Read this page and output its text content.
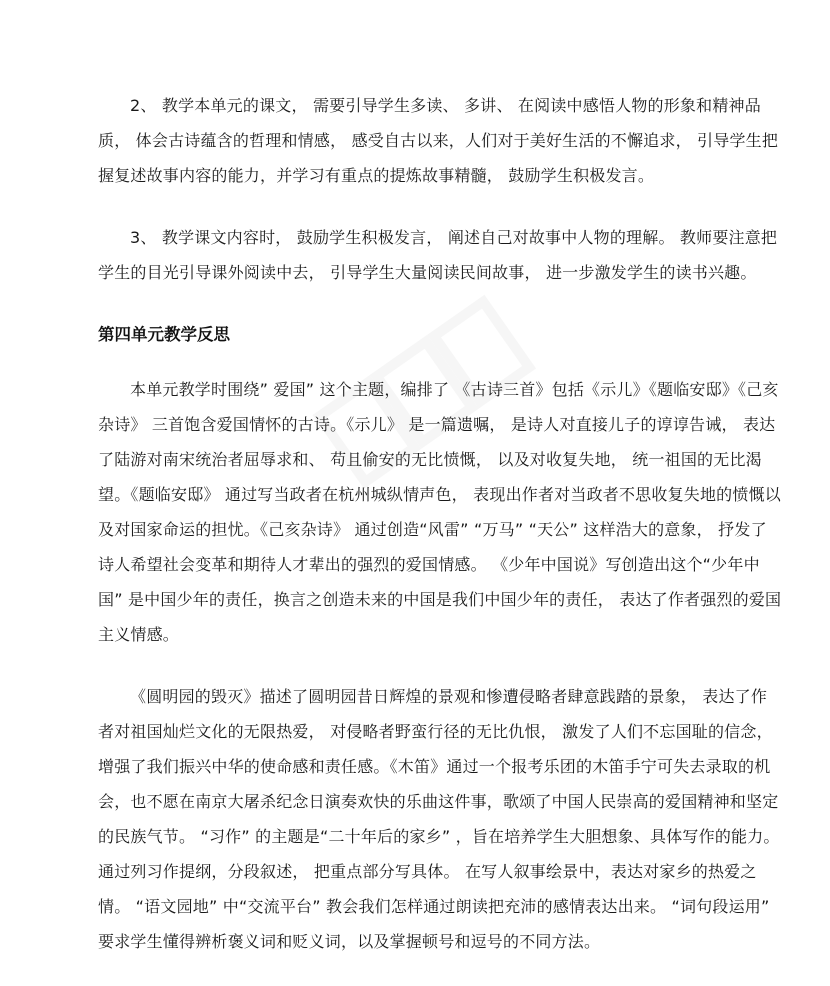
2、 教学本单元的课文， 需要引导学生多读、 多讲、 在阅读中感悟人物的形象和精神品质， 体会古诗蕴含的哲理和情感， 感受自古以来，人们对于美好生活的不懈追求， 引导学生把握复述故事内容的能力，并学习有重点的提炼故事精髓， 鼓励学生积极发言。

3、 教学课文内容时， 鼓励学生积极发言， 阐述自己对故事中人物的理解。 教师要注意把学生的目光引导课外阅读中去， 引导学生大量阅读民间故事， 进一步激发学生的读书兴趣。

第四单元教学反思

本单元教学时围绕” 爱国” 这个主题，编排了 《古诗三首》包括《示儿》《题临安邸》《己亥杂诗》 三首饱含爱国情怀的古诗。《示儿》 是一篇遗嘱， 是诗人对直接儿子的谆谆告诫， 表达了陆游对南宋统治者屈辱求和、 苟且偷安的无比愤慨， 以及对收复失地， 统一祖国的无比渴望。《题临安邸》 通过写当政者在杭州城纵情声色， 表现出作者对当政者不思收复失地的愤慨以及对国家命运的担忧。《己亥杂诗》 通过创造“风雷” “万马” “天公” 这样浩大的意象， 抒发了诗人希望社会变革和期待人才辈出的强烈的爱国情感。 《少年中国说》写创造出这个“少年中国” 是中国少年的责任，换言之创造未来的中国是我们中国少年的责任， 表达了作者强烈的爱国主义情感。

《圆明园的毁灭》描述了圆明园昔日辉煌的景观和惨遭侵略者肆意践踏的景象， 表达了作者对祖国灿烂文化的无限热爱， 对侵略者野蛮行径的无比仇恨， 激发了人们不忘国耻的信念， 增强了我们振兴中华的使命感和责任感。《木笛》通过一个报考乐团的木笛手宁可失去录取的机会，也不愿在南京大屠杀纪念日演奏欢快的乐曲这件事，歌颂了中国人民崇高的爱国精神和坚定的民族气节。 “习作” 的主题是“二十年后的家乡” ，旨在培养学生大胆想象、具体写作的能力。 通过列习作提纲，分段叙述， 把重点部分写具体。 在写人叙事绘景中，表达对家乡的热爱之情。 “语文园地” 中“交流平台” 教会我们怎样通过朗读把充沛的感情表达出来。 “词句段运用” 要求学生懂得辨析褒义词和贬义词，以及掌握顿号和逗号的不同方法。
